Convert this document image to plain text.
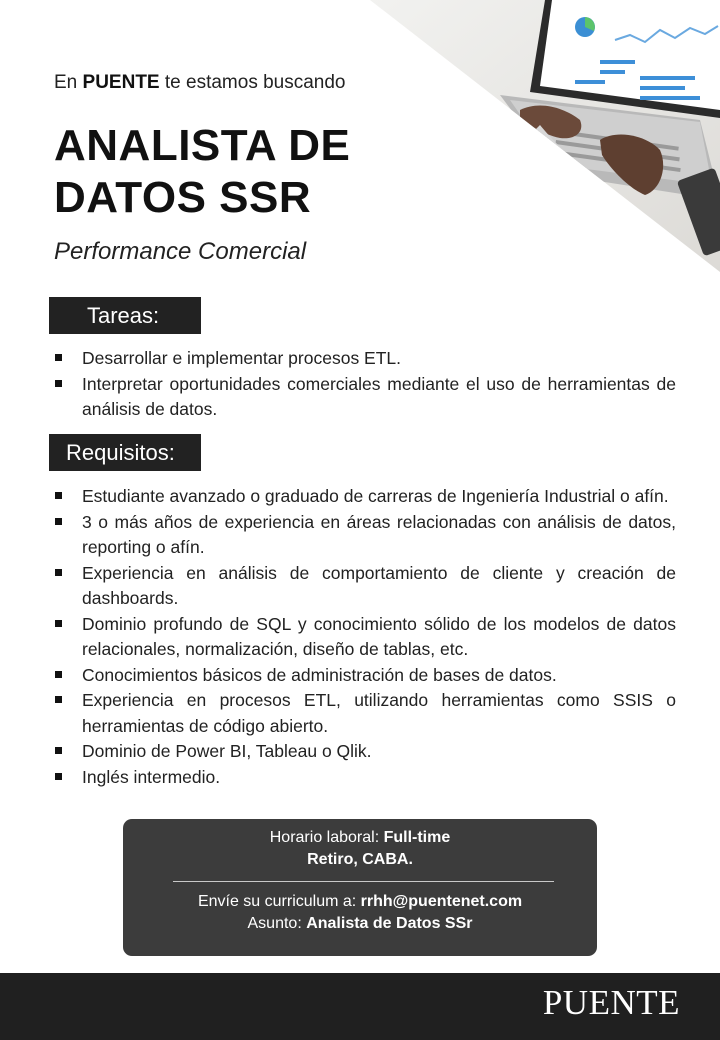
En PUENTE te estamos buscando
ANALISTA DE
DATOS SSR
Performance Comercial
Tareas:
Desarrollar e implementar procesos ETL.
Interpretar oportunidades comerciales mediante el uso de herramientas de análisis de datos.
Requisitos:
Estudiante avanzado o graduado de carreras de Ingeniería Industrial o afín.
3 o más años de experiencia en áreas relacionadas con análisis de datos, reporting o afín.
Experiencia en análisis de comportamiento de cliente y creación de dashboards.
Dominio profundo de SQL y conocimiento sólido de los modelos de datos relacionales, normalización, diseño de tablas, etc.
Conocimientos básicos de administración de bases de datos.
Experiencia en procesos ETL, utilizando herramientas como SSIS o herramientas de código abierto.
Dominio de Power BI, Tableau o Qlik.
Inglés intermedio.
Horario laboral: Full-time
Retiro, CABA.
Envíe su curriculum a: rrhh@puentenet.com
Asunto: Analista de Datos SSr
PUENTE
